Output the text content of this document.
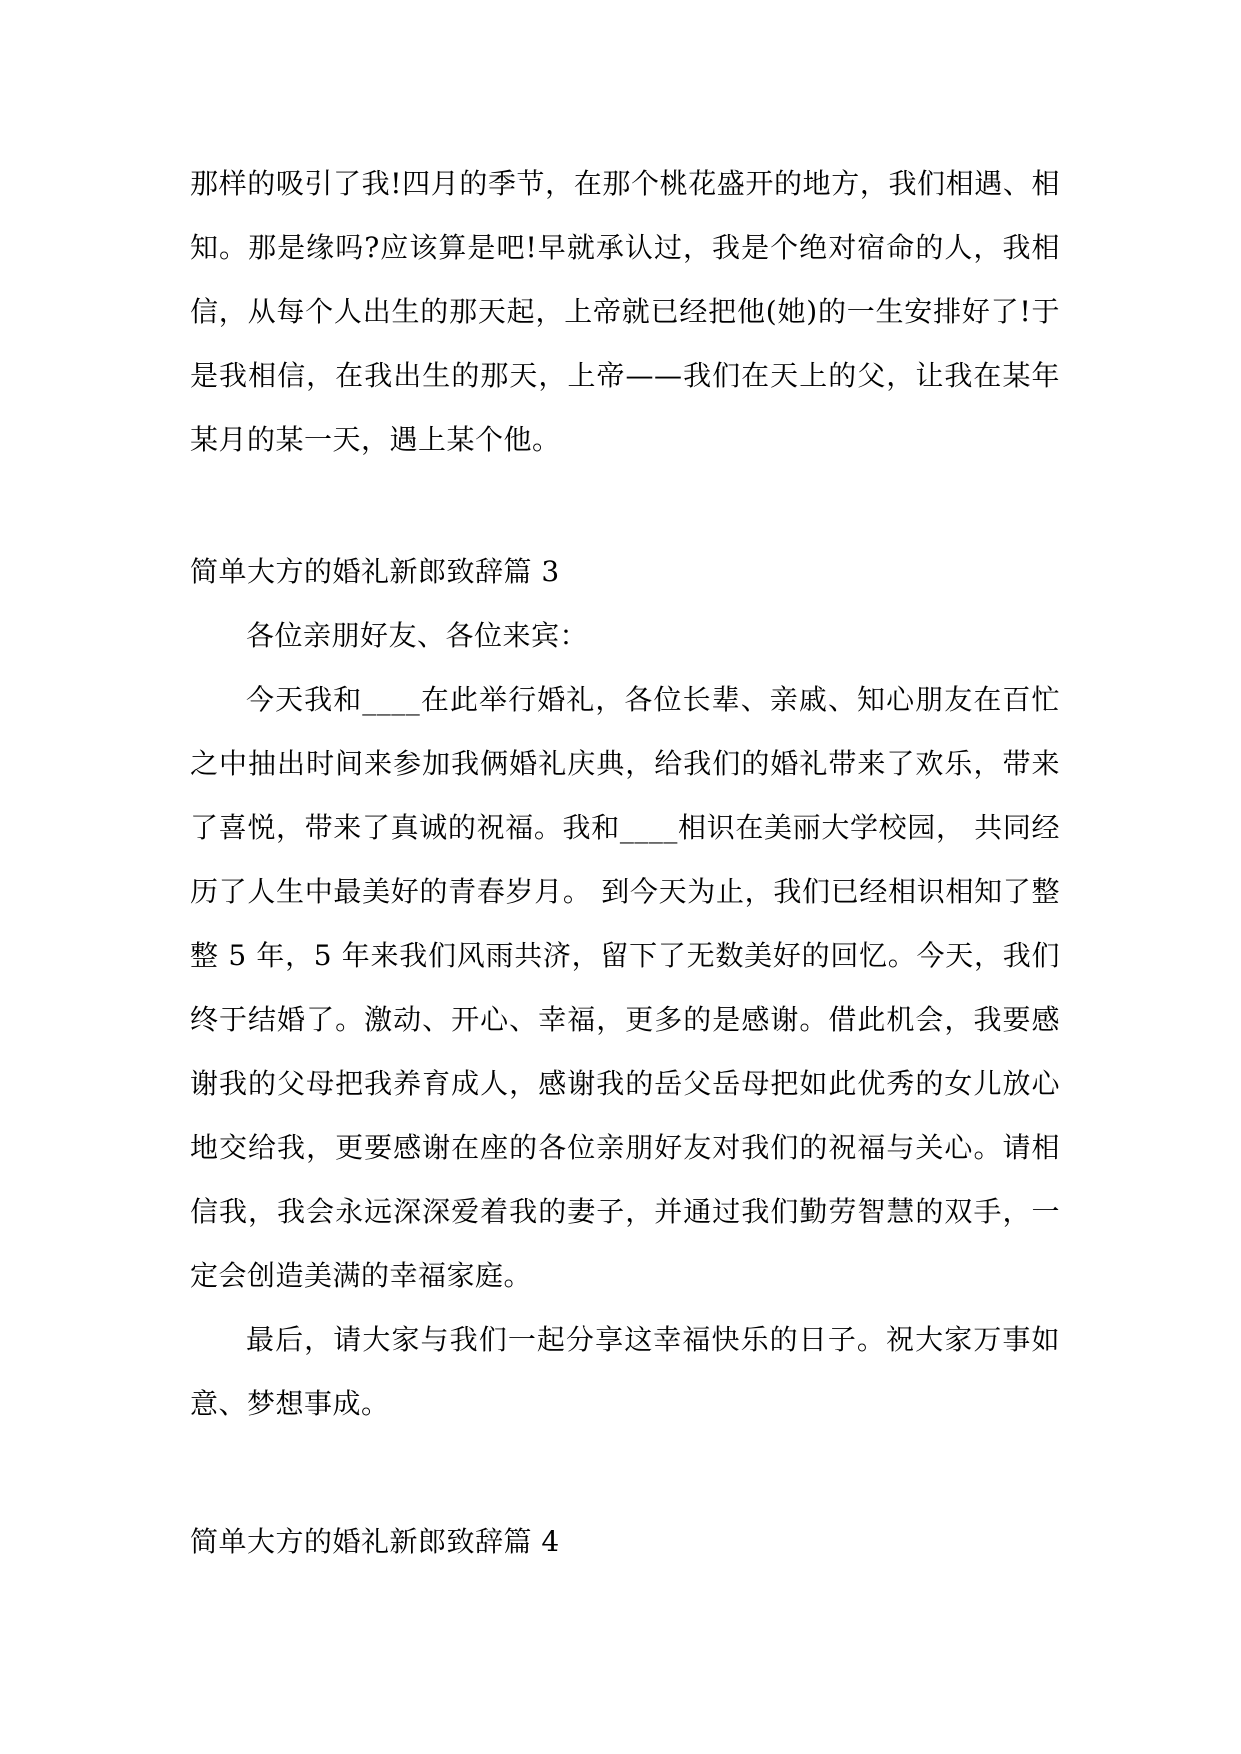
那样的吸引了我!四月的季节，在那个桃花盛开的地方，我们相遇、相知。那是缘吗?应该算是吧!早就承认过，我是个绝对宿命的人，我相信，从每个人出生的那天起，上帝就已经把他(她)的一生安排好了!于是我相信，在我出生的那天，上帝——我们在天上的父，让我在某年某月的某一天，遇上某个他。

简单大方的婚礼新郎致辞篇 3

各位亲朋好友、各位来宾：

今天我和____在此举行婚礼，各位长辈、亲戚、知心朋友在百忙之中抽出时间来参加我俩婚礼庆典，给我们的婚礼带来了欢乐，带来了喜悦，带来了真诚的祝福。我和____相识在美丽大学校园， 共同经历了人生中最美好的青春岁月。 到今天为止，我们已经相识相知了整整 5 年，5 年来我们风雨共济，留下了无数美好的回忆。今天，我们终于结婚了。激动、开心、幸福，更多的是感谢。借此机会，我要感谢我的父母把我养育成人，感谢我的岳父岳母把如此优秀的女儿放心地交给我，更要感谢在座的各位亲朋好友对我们的祝福与关心。请相信我，我会永远深深爱着我的妻子，并通过我们勤劳智慧的双手，一定会创造美满的幸福家庭。

最后，请大家与我们一起分享这幸福快乐的日子。祝大家万事如意、梦想事成。

简单大方的婚礼新郎致辞篇 4
